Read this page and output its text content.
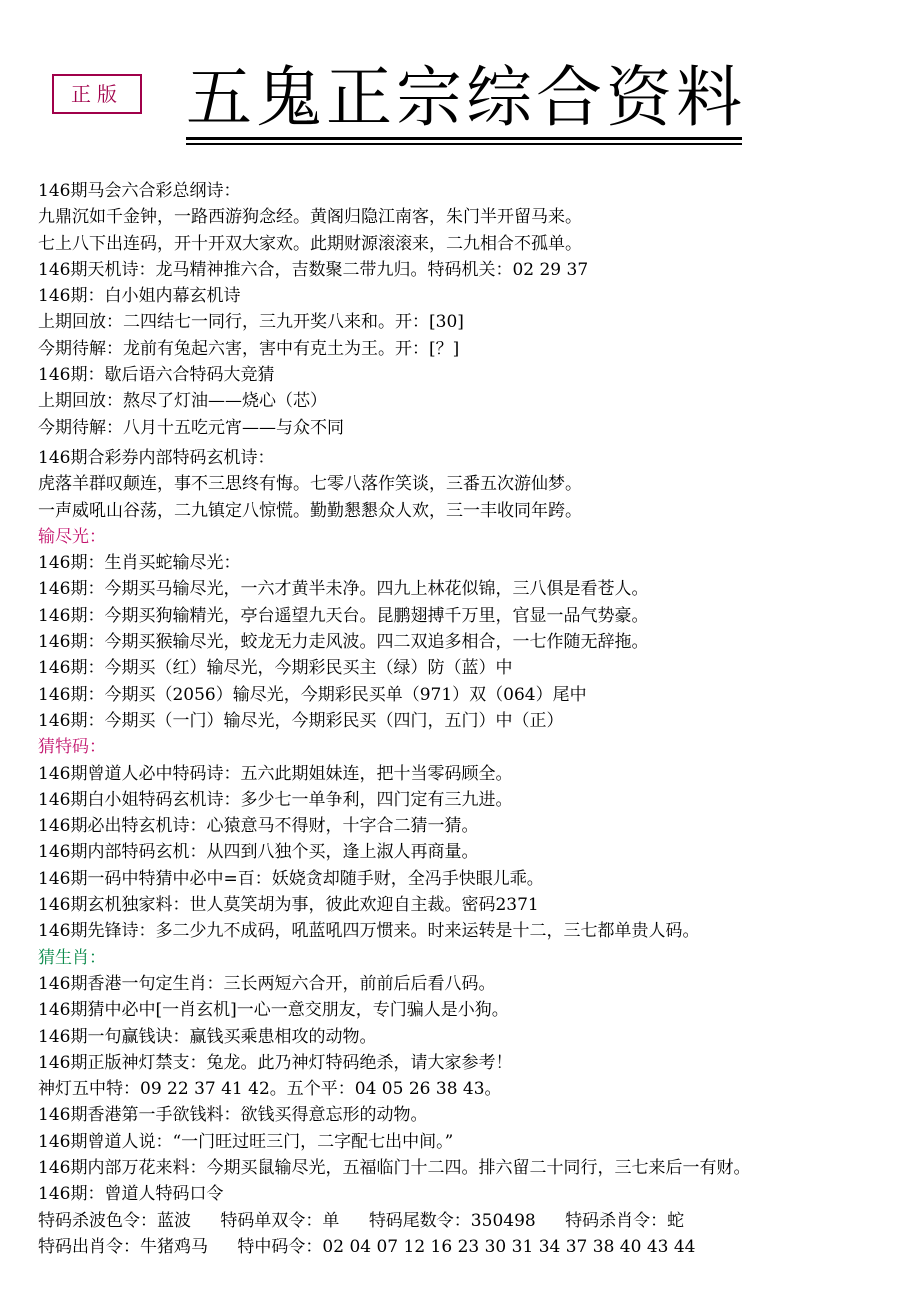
正版 五鬼正宗综合资料
146期马会六合彩总纲诗：
九鼎沉如千金钟，一路西游狗念经。黄阁归隐江南客，朱门半开留马来。
七上八下出连码，开十开双大家欢。此期财源滚滚来，二九相合不孤单。
146期天机诗：龙马精神推六合，吉数聚二带九归。特码机关：02 29 37
146期：白小姐内幕玄机诗
上期回放：二四结七一同行，三九开奖八来和。开：[30]
今期待解：龙前有兔起六害，害中有克土为王。开：[？]
146期：歇后语六合特码大竞猜
上期回放：熬尽了灯油——烧心（芯）
今期待解：八月十五吃元宵——与众不同
146期合彩券内部特码玄机诗：
虎落羊群叹颠连，事不三思终有悔。七零八落作笑谈，三番五次游仙梦。
一声威吼山谷荡，二九镇定八惊慌。勤勤懇懇众人欢，三一丰收同年跨。
输尽光：
146期：生肖买蛇输尽光：
146期：今期买马输尽光，一六才黄半未净。四九上林花似锦，三八俱是看苍人。
146期：今期买狗输精光，亭台遥望九天台。昆鹏翅搏千万里，官显一品气势豪。
146期：今期买猴输尽光，蛟龙无力走风波。四二双追多相合，一七作随无辞拖。
146期：今期买（红）输尽光，今期彩民买主（绿）防（蓝）中
146期：今期买（2056）输尽光，今期彩民买单（971）双（064）尾中
146期：今期买（一门）输尽光，今期彩民买（四门，五门）中（正）
猜特码：
146期曾道人必中特码诗：五六此期姐妹连，把十当零码顾全。
146期白小姐特码玄机诗：多少七一单争利，四门定有三九进。
146期必出特玄机诗：心猿意马不得财，十字合二猜一猜。
146期内部特码玄机：从四到八独个买，逢上淑人再商量。
146期一码中特猜中必中=百：妖娆贪却随手财，全冯手快眼儿乖。
146期玄机独家料：世人莫笑胡为事，彼此欢迎自主裁。密码2371
146期先锋诗：多二少九不成码，吼蓝吼四万惯来。时来运转是十二，三七都单贵人码。
猜生肖：
146期香港一句定生肖：三长两短六合开，前前后后看八码。
146期猜中必中[一肖玄机]一心一意交朋友，专门骗人是小狗。
146期一句赢钱诀：赢钱买乘患相攻的动物。
146期正版神灯禁支：兔龙。此乃神灯特码绝杀，请大家参考！
神灯五中特：09 22 37 41 42。五个平：04 05 26 38 43。
146期香港第一手欲钱料：欲钱买得意忘形的动物。
146期曾道人说：“一门旺过旺三门，二字配七出中间。”
146期内部万花来料：今期买鼠输尽光，五福临门十二四。排六留二十同行，三七来后一有财。
146期：曾道人特码口令
特码杀波色令：蓝波 特码单双令：单 特码尾数令：350498 特码杀肖令：蛇
特码出肖令：牛猪鸡马 特中码令：02 04 07 12 16 23 30 31 34 37 38 40 43 44
